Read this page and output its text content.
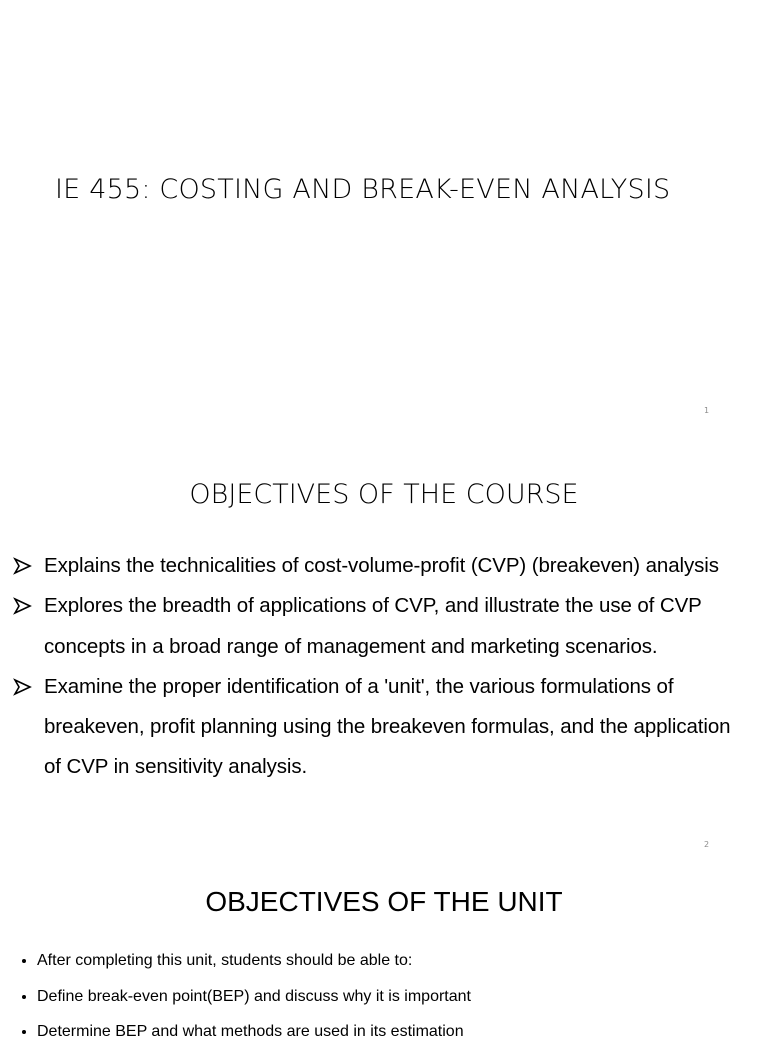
IE 455: COSTING AND BREAK-EVEN ANALYSIS
1
OBJECTIVES OF THE COURSE
Explains the technicalities of cost-volume-profit (CVP) (breakeven) analysis
Explores the breadth of applications of CVP, and illustrate the use of CVP concepts in a broad range of management and marketing scenarios.
Examine the proper identification of a 'unit', the various formulations of breakeven, profit planning using the breakeven formulas, and the application of CVP in sensitivity analysis.
2
OBJECTIVES OF THE UNIT
After completing this unit, students should be able to:
Define break-even point(BEP) and discuss why it is important
Determine BEP and what methods are used in its estimation
